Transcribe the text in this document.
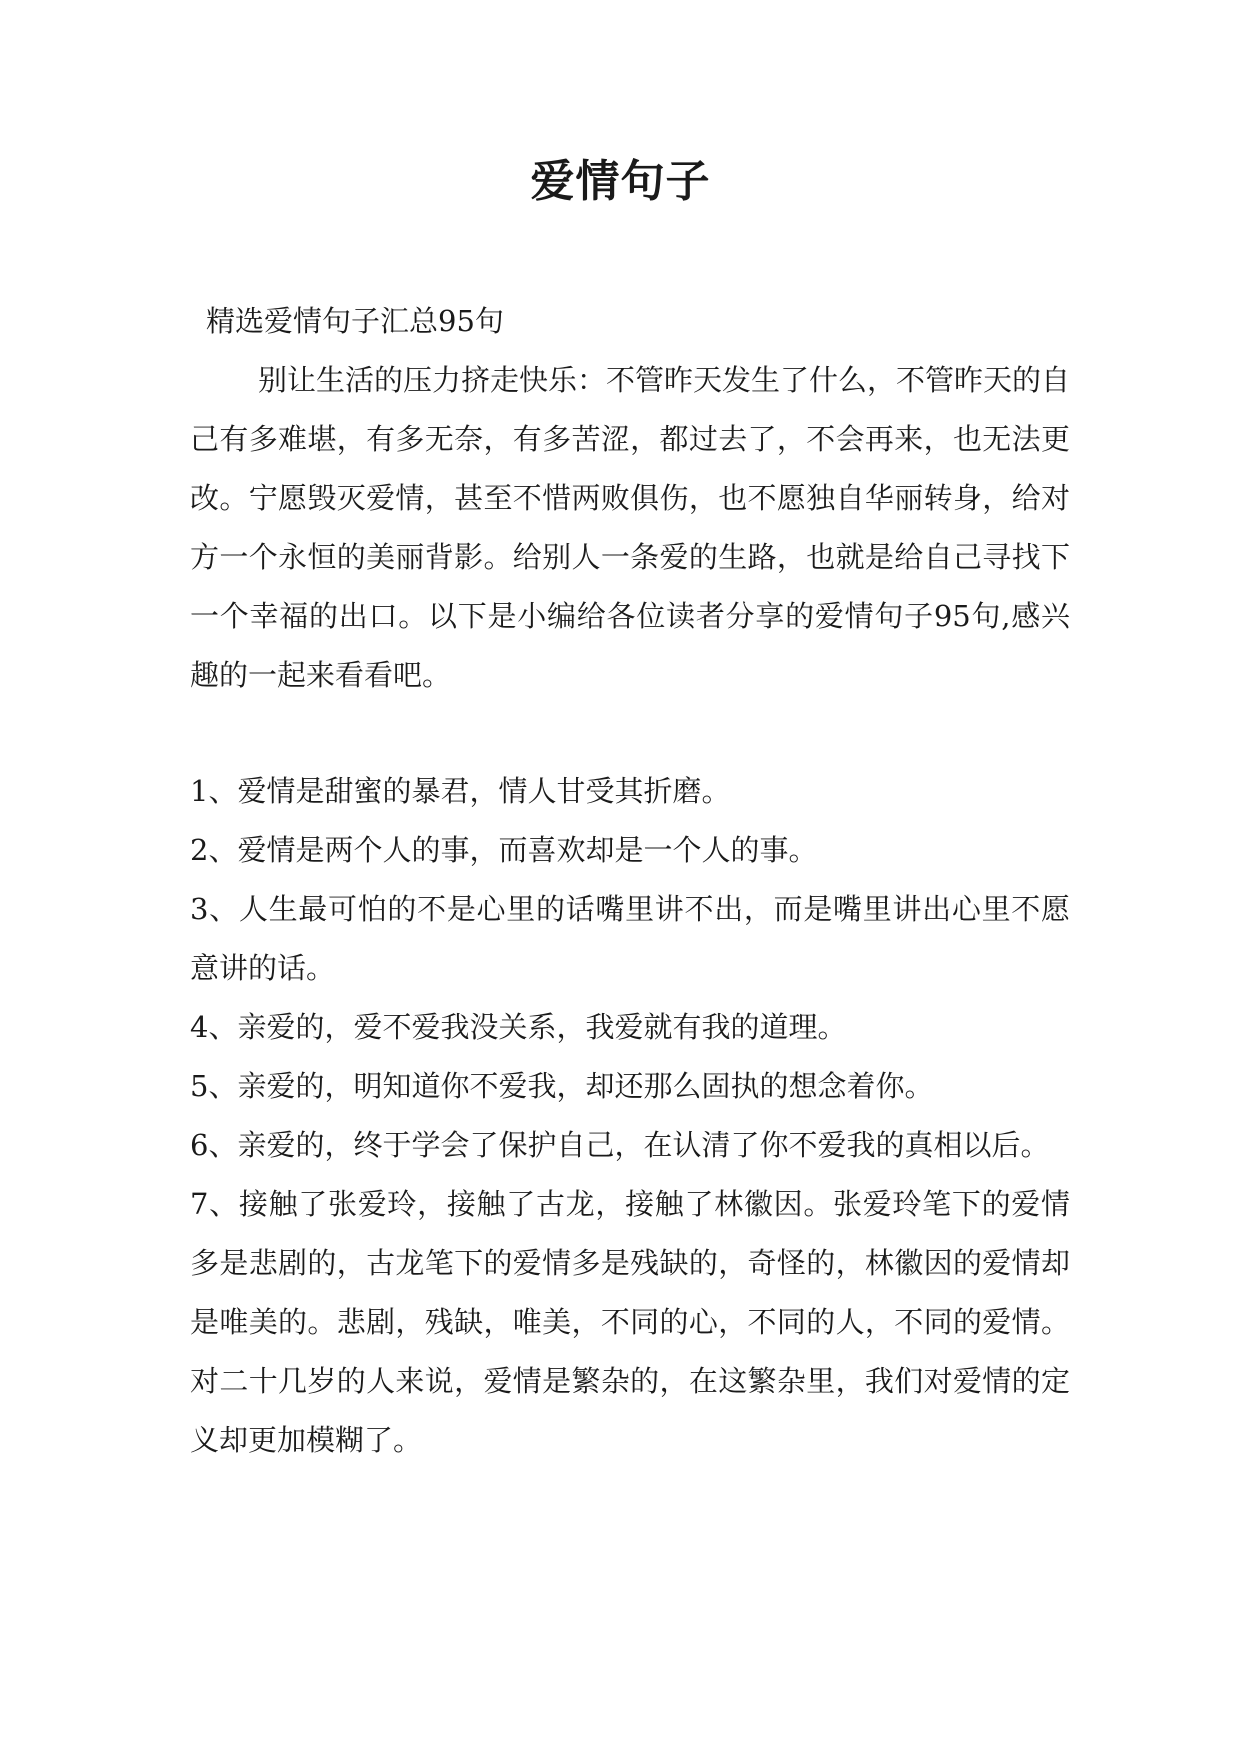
爱情句子

精选爱情句子汇总95句

别让生活的压力挤走快乐：不管昨天发生了什么，不管昨天的自己有多难堪，有多无奈，有多苦涩，都过去了，不会再来，也无法更改。宁愿毁灭爱情，甚至不惜两败俱伤，也不愿独自华丽转身，给对方一个永恒的美丽背影。给别人一条爱的生路，也就是给自己寻找下一个幸福的出口。以下是小编给各位读者分享的爱情句子95句,感兴趣的一起来看看吧。

1、爱情是甜蜜的暴君，情人甘受其折磨。

2、爱情是两个人的事，而喜欢却是一个人的事。

3、人生最可怕的不是心里的话嘴里讲不出，而是嘴里讲出心里不愿意讲的话。

4、亲爱的，爱不爱我没关系，我爱就有我的道理。

5、亲爱的，明知道你不爱我，却还那么固执的想念着你。

6、亲爱的，终于学会了保护自己，在认清了你不爱我的真相以后。

7、接触了张爱玲，接触了古龙，接触了林徽因。张爱玲笔下的爱情多是悲剧的，古龙笔下的爱情多是残缺的，奇怪的，林徽因的爱情却是唯美的。悲剧，残缺，唯美，不同的心，不同的人，不同的爱情。对二十几岁的人来说，爱情是繁杂的，在这繁杂里，我们对爱情的定义却更加模糊了。
